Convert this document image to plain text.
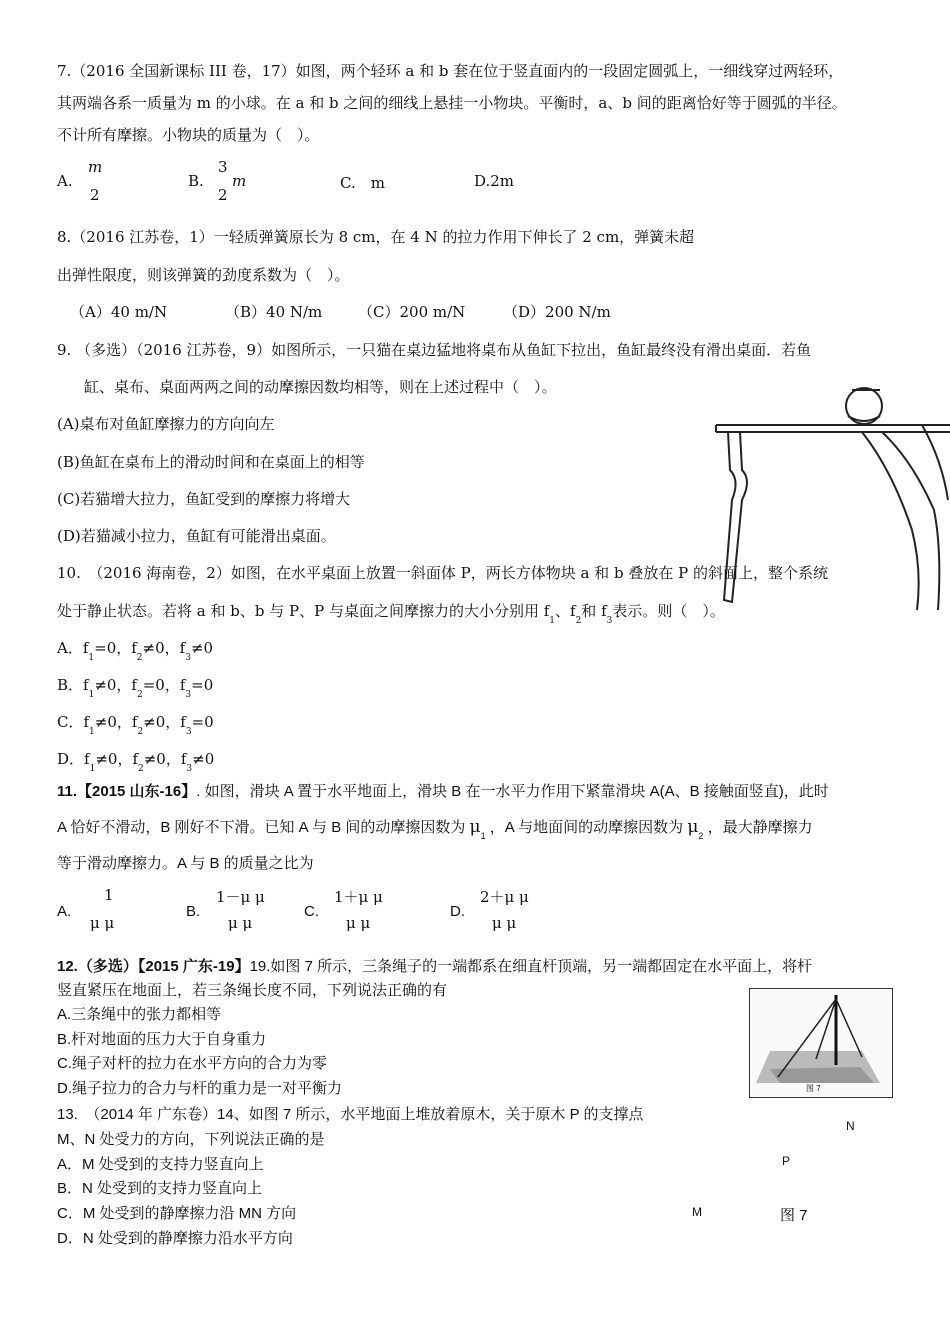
7.（2016 全国新课标 III 卷，17）如图，两个轻环 a 和 b 套在位于竖直面内的一段固定圆弧上，一细线穿过两轻环，
其两端各系一质量为 m 的小球。在 a 和 b 之间的细线上悬挂一小物块。平衡时，a、b 间的距离恰好等于圆弧的半径。
不计所有摩擦。小物块的质量为（　）。
A.
m
2
B.
3
2
m	C.　m	D.2m
8.（2016 江苏卷，1）一轻质弹簧原长为 8 cm，在 4 N 的拉力作用下伸长了 2 cm，弹簧未超
出弹性限度，则该弹簧的劲度系数为（　）。
（A）40 m/N	（B）40 N/m （C）200 m/N	（D）200 N/m
9. （多选）（2016 江苏卷，9）如图所示，一只猫在桌边猛地将桌布从鱼缸下拉出，鱼缸最终没有滑出桌面．若鱼
缸、桌布、桌面两两之间的动摩擦因数均相等，则在上述过程中（　）。
(A)桌布对鱼缸摩擦力的方向向左
(B)鱼缸在桌布上的滑动时间和在桌面上的相等
(C)若猫增大拉力，鱼缸受到的摩擦力将增大
(D)若猫减小拉力，鱼缸有可能滑出桌面。
10.　（2016 海南卷，2）如图，在水平桌面上放置一斜面体 P，两长方体物块 a 和 b 叠放在 P 的斜面上，整个系统
处于静止状态。若将 a 和 b、b 与 P、P 与桌面之间摩擦力的大小分别用 $f_1$、$f_2$和 $f_3$表示。则（　）。
A．$f_1=0$，$f_2\ne 0$，$f_3\ne 0$
B．$f_1\ne 0$，$f_2=0$，$f_3=0$
C．$f_1\ne 0$，$f_2\ne 0$，$f_3=0$
D．$f_1\ne 0$，$f_2\ne 0$，$f_3\ne 0$
11.【2015 山东-16】. 如图，滑块 A 置于水平地面上，滑块 B 在一水平力作用下紧靠滑块 A(A、B 接触面竖直)，此时
A 恰好不滑动，B 刚好不下滑。已知 A 与 B 间的动摩擦因数为 $\mu_1$ ，A 与地面间的动摩擦因数为 $\mu_2$ ，最大静摩擦力
等于滑动摩擦力。A 与 B 的质量之比为
A.
1
μ μ
B.
1－μ μ
μ μ
C.
1＋μ μ
μ μ
D.
2＋μ μ
μ μ
12.（多选）【2015 广东-19】19.如图 7 所示，三条绳子的一端都系在细直杆顶端，另一端都固定在水平面上，将杆
竖直紧压在地面上，若三条绳长度不同，下列说法正确的有
A.三条绳中的张力都相等
B.杆对地面的压力大于自身重力
C.绳子对杆的拉力在水平方向的合力为零
D.绳子拉力的合力与杆的重力是一对平衡力	图 7
13.　（2014 年 广东卷）14、如图 7 所示，水平地面上堆放着原木，关于原木 P 的支撑点
M、N 处受力的方向，下列说法正确的是
A．M 处受到的支持力竖直向上
B．N 处受到的支持力竖直向上
C．M 处受到的静摩擦力沿 MN 方向
D．N 处受到的静摩擦力沿水平方向
N
P
M	图 7
